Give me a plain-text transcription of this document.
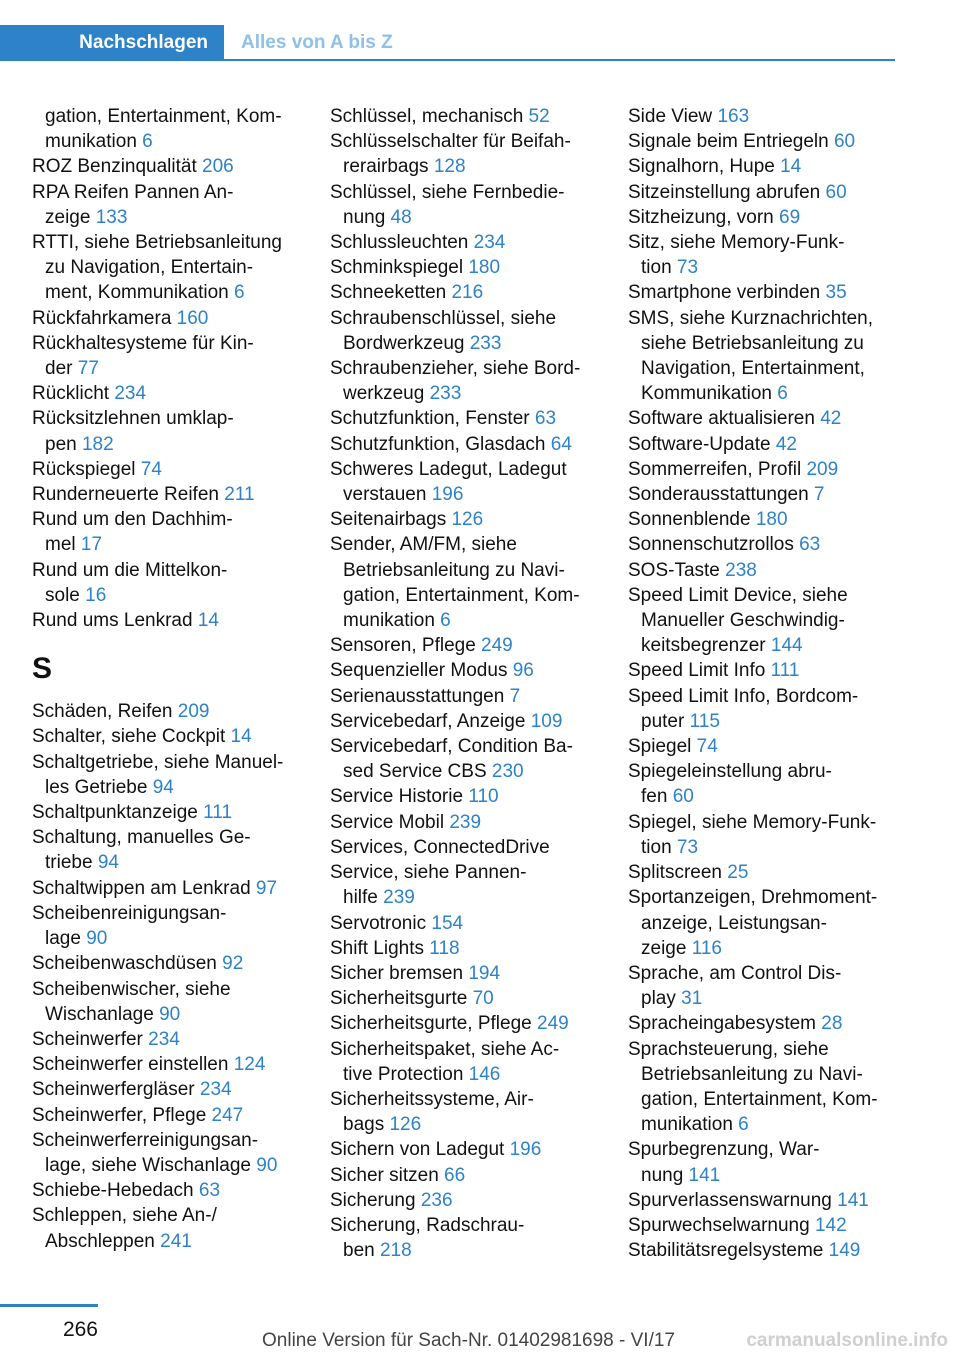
Nachschlagen	Alles von A bis Z
gation, Entertainment, Kom-
munikation 6
ROZ Benzinqualität 206
RPA Reifen Pannen An-
zeige 133
RTTI, siehe Betriebsanleitung
zu Navigation, Entertain-
ment, Kommunikation 6
Rückfahrkamera 160
Rückhaltesysteme für Kin-
der 77
Rücklicht 234
Rücksitzlehnen umklap-
pen 182
Rückspiegel 74
Runderneuerte Reifen 211
Rund um den Dachhim-
mel 17
Rund um die Mittelkon-
sole 16
Rund ums Lenkrad 14
S
Schäden, Reifen 209
Schalter, siehe Cockpit 14
Schaltgetriebe, siehe Manuel-
les Getriebe 94
Schaltpunktanzeige 111
Schaltung, manuelles Ge-
triebe 94
Schaltwippen am Lenkrad 97
Scheibenreinigungsan-
lage 90
Scheibenwaschdüsen 92
Scheibenwischer, siehe
Wischanlage 90
Scheinwerfer 234
Scheinwerfer einstellen 124
Scheinwerfergläser 234
Scheinwerfer, Pflege 247
Scheinwerferreinigungsan-
lage, siehe Wischanlage 90
Schiebe-Hebedach 63
Schleppen, siehe An-/
Abschleppen 241
Schlüssel, mechanisch 52
Schlüsselschalter für Beifah-
rerairbags 128
Schlüssel, siehe Fernbedie-
nung 48
Schlussleuchten 234
Schminkspiegel 180
Schneeketten 216
Schraubenschlüssel, siehe
Bordwerkzeug 233
Schraubenzieher, siehe Bord-
werkzeug 233
Schutzfunktion, Fenster 63
Schutzfunktion, Glasdach 64
Schweres Ladegut, Ladegut
verstauen 196
Seitenairbags 126
Sender, AM/FM, siehe
Betriebsanleitung zu Navi-
gation, Entertainment, Kom-
munikation 6
Sensoren, Pflege 249
Sequenzieller Modus 96
Serienausstattungen 7
Servicebedarf, Anzeige 109
Servicebedarf, Condition Ba-
sed Service CBS 230
Service Historie 110
Service Mobil 239
Services, ConnectedDrive
Service, siehe Pannen-
hilfe 239
Servotronic 154
Shift Lights 118
Sicher bremsen 194
Sicherheitsgurte 70
Sicherheitsgurte, Pflege 249
Sicherheitspaket, siehe Ac-
tive Protection 146
Sicherheitssysteme, Air-
bags 126
Sichern von Ladegut 196
Sicher sitzen 66
Sicherung 236
Sicherung, Radschrau-
ben 218
Side View 163
Signale beim Entriegeln 60
Signalhorn, Hupe 14
Sitzeinstellung abrufen 60
Sitzheizung, vorn 69
Sitz, siehe Memory-Funk-
tion 73
Smartphone verbinden 35
SMS, siehe Kurznachrichten,
siehe Betriebsanleitung zu
Navigation, Entertainment,
Kommunikation 6
Software aktualisieren 42
Software-Update 42
Sommerreifen, Profil 209
Sonderausstattungen 7
Sonnenblende 180
Sonnenschutzrollos 63
SOS-Taste 238
Speed Limit Device, siehe
Manueller Geschwindig-
keitsbegrenzer 144
Speed Limit Info 111
Speed Limit Info, Bordcom-
puter 115
Spiegel 74
Spiegeleinstellung abru-
fen 60
Spiegel, siehe Memory-Funk-
tion 73
Splitscreen 25
Sportanzeigen, Drehmoment-
anzeige, Leistungsan-
zeige 116
Sprache, am Control Dis-
play 31
Spracheingabesystem 28
Sprachsteuerung, siehe
Betriebsanleitung zu Navi-
gation, Entertainment, Kom-
munikation 6
Spurbegrenzung, War-
nung 141
Spurverlassenswarnung 141
Spurwechselwarnung 142
Stabilitätsregelsysteme 149
266	Online Version für Sach-Nr. 01402981698 - VI/17	carmanualsonline.info
